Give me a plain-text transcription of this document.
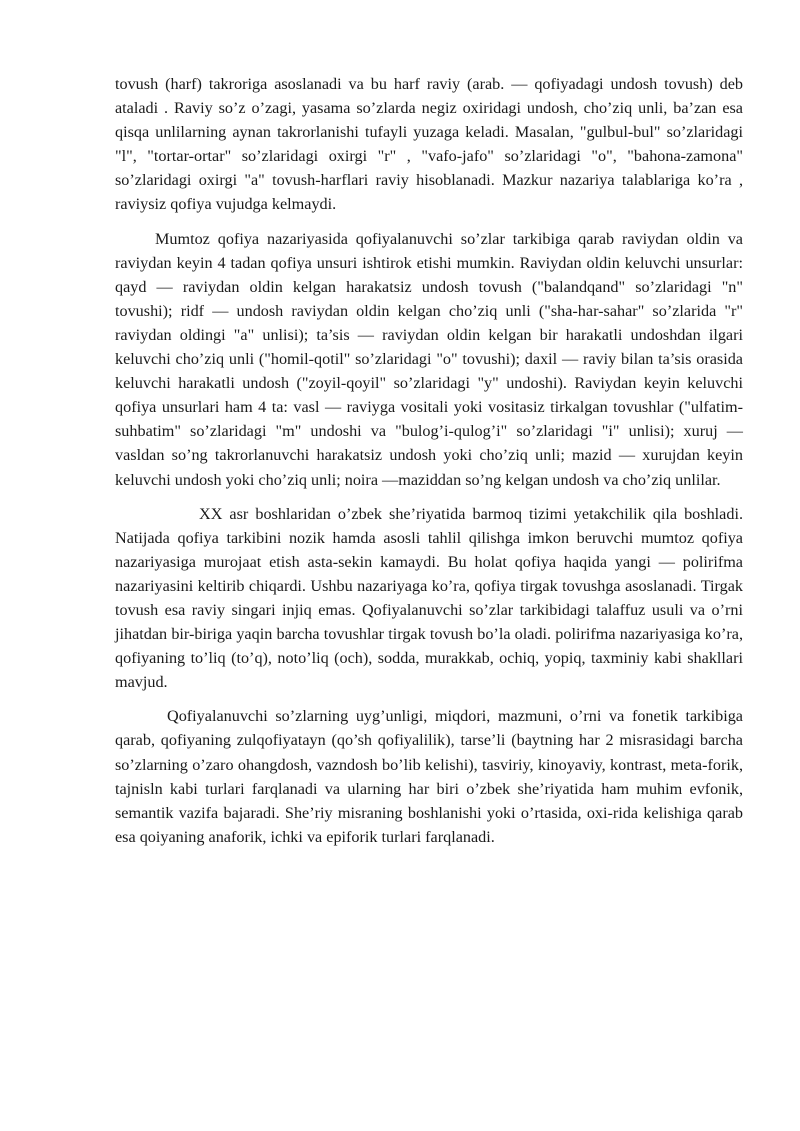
tovush (harf) takroriga asoslanadi va bu harf raviy (arab. — qofiyadagi undosh tovush) deb ataladi . Raviy so’z o’zagi, yasama so’zlarda negiz oxiridagi undosh, cho’ziq unli, ba’zan esa qisqa unlilarning aynan takrorlanishi tufayli yuzaga keladi. Masalan, "gulbul-bul" so’zlaridagi "l", "tortar-ortar" so’zlaridagi oxirgi "r" , "vafo-jafo" so’zlaridagi "o", "bahona-zamona" so’zlaridagi oxirgi "a" tovush-harflari raviy hisoblanadi. Mazkur nazariya talablariga ko’ra , raviysiz qofiya vujudga kelmaydi.

Mumtoz qofiya nazariyasida qofiyalanuvchi so’zlar tarkibiga qarab raviydan oldin va raviydan keyin 4 tadan qofiya unsuri ishtirok etishi mumkin. Raviydan oldin keluvchi unsurlar: qayd — raviydan oldin kelgan harakatsiz undosh tovush ("balandqand" so’zlaridagi "n" tovushi); ridf — undosh raviydan oldin kelgan cho’ziq unli ("sha-har-sahar" so’zlarida "r" raviydan oldingi "a" unlisi); ta’sis — raviydan oldin kelgan bir harakatli undoshdan ilgari keluvchi cho’ziq unli ("homil-qotil" so’zlaridagi "o" tovushi); daxil — raviy bilan ta’sis orasida keluvchi harakatli undosh ("zoyil-qoyil" so’zlaridagi "y" undoshi). Raviydan keyin keluvchi qofiya unsurlari ham 4 ta: vasl — raviyga vositali yoki vositasiz tirkalgan tovushlar ("ulfatim-suhbatim" so’zlaridagi "m" undoshi va "bulog’i-qulog’i" so’zlaridagi "i" unlisi); xuruj — vasldan so’ng takrorlanuvchi harakatsiz undosh yoki cho’ziq unli; mazid — xurujdan keyin keluvchi undosh yoki cho’ziq unli; noira —maziddan so’ng kelgan undosh va cho’ziq unlilar.

XX asr boshlaridan o’zbek she’riyatida barmoq tizimi yetakchilik qila boshladi. Natijada qofiya tarkibini nozik hamda asosli tahlil qilishga imkon beruvchi mumtoz qofiya nazariyasiga murojaat etish asta-sekin kamaydi. Bu holat qofiya haqida yangi — polirifma nazariyasini keltirib chiqardi. Ushbu nazariyaga ko’ra, qofiya tirgak tovushga asoslanadi. Tirgak tovush esa raviy singari injiq emas. Qofiyalanuvchi so’zlar tarkibidagi talaffuz usuli va o’rni jihatdan bir-biriga yaqin barcha tovushlar tirgak tovush bo’la oladi. polirifma nazariyasiga ko’ra, qofiyaning to’liq (to’q), noto’liq (och), sodda, murakkab, ochiq, yopiq, taxminiy kabi shakllari mavjud.

Qofiyalanuvchi so’zlarning uyg’unligi, miqdori, mazmuni, o’rni va fonetik tarkibiga qarab, qofiyaning zulqofiyatayn (qo’sh qofiyalilik), tarse’li (baytning har 2 misrasidagi barcha so’zlarning o’zaro ohangdosh, vazndosh bo’lib kelishi), tasviriy, kinoyaviy, kontrast, meta-forik, tajnisln kabi turlari farqlanadi va ularning har biri o’zbek she’riyatida ham muhim evfonik, semantik vazifa bajaradi. She’riy misraning boshlanishi yoki o’rtasida, oxi-rida kelishiga qarab esa qoiyaning anaforik, ichki va epiforik turlari farqlanadi.
